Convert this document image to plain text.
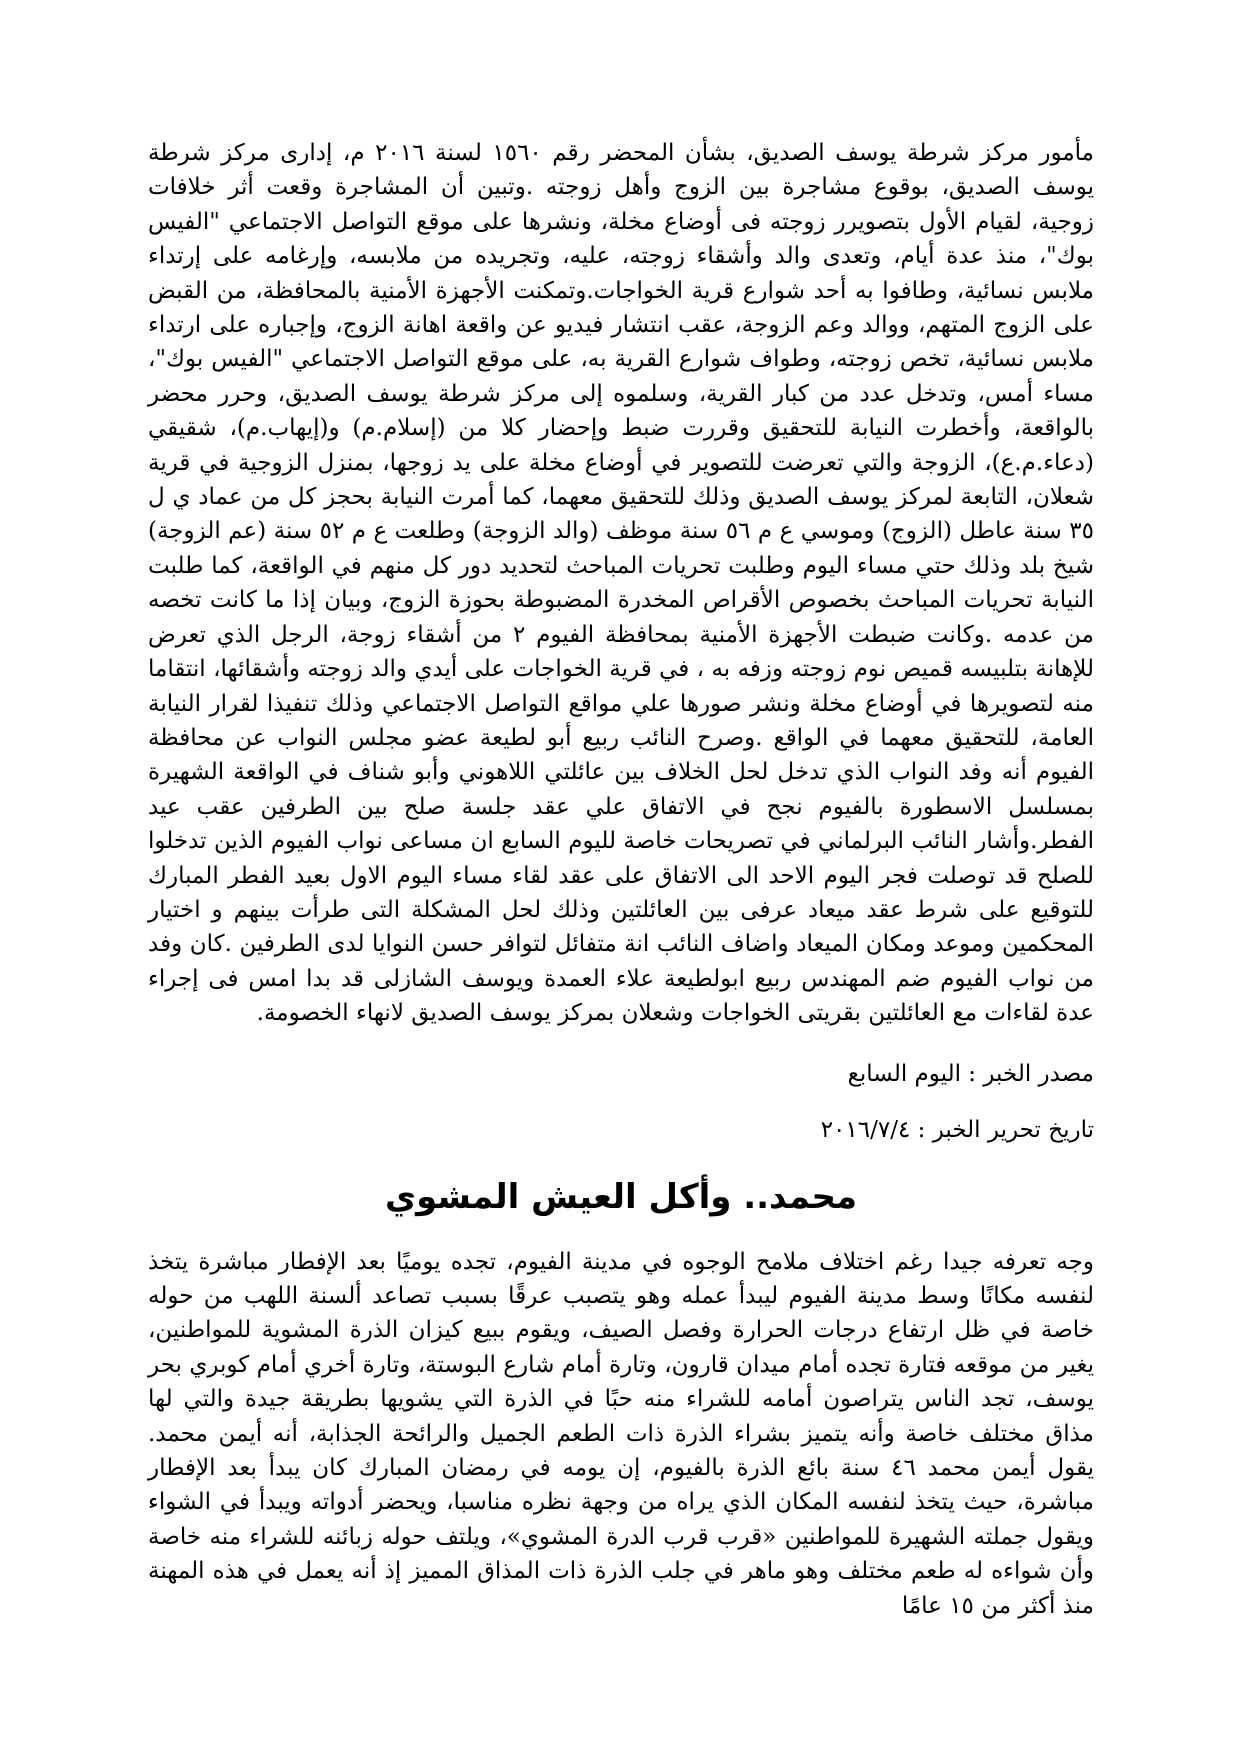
مأمور مركز شرطة يوسف الصديق، بشأن المحضر رقم ١٥٦٠ لسنة ٢٠١٦ م، إدارى مركز شرطة يوسف الصديق، بوقوع مشاجرة بين الزوج وأهل زوجته .وتبين أن المشاجرة وقعت أثر خلافات زوجية، لقيام الأول بتصويرر زوجته فى أوضاع مخلة، ونشرها على موقع التواصل الاجتماعي "الفيس بوك"، منذ عدة أيام، وتعدى والد وأشقاء زوجته، عليه، وتجريده من ملابسه، وإرغامه على إرتداء ملابس نسائية، وطافوا به أحد شوارع قرية الخواجات.وتمكنت الأجهزة الأمنية بالمحافظة، من القبض على الزوج المتهم، ووالد وعم الزوجة، عقب انتشار فيديو عن واقعة اهانة الزوج، وإجباره على ارتداء ملابس نسائية، تخص زوجته، وطواف شوارع القرية به، على موقع التواصل الاجتماعي "الفيس بوك"، مساء أمس، وتدخل عدد من كبار القرية، وسلموه إلى مركز شرطة يوسف الصديق، وحرر محضر بالواقعة، وأخطرت النيابة للتحقيق وقررت ضبط وإحضار كلا من (إسلام.م) و(إيهاب.م)، شقيقي (دعاء.م.ع)، الزوجة والتي تعرضت للتصوير في أوضاع مخلة على يد زوجها، بمنزل الزوجية في قرية شعلان، التابعة لمركز يوسف الصديق وذلك للتحقيق معهما، كما أمرت النيابة بحجز كل من عماد ي ل ٣٥ سنة عاطل (الزوج) وموسي ع م ٥٦ سنة موظف (والد الزوجة) وطلعت ع م ٥٢ سنة (عم الزوجة) شيخ بلد وذلك حتي مساء اليوم وطلبت تحريات المباحث لتحديد دور كل منهم في الواقعة، كما طلبت النيابة تحريات المباحث بخصوص الأقراص المخدرة المضبوطة بحوزة الزوج، وبيان إذا ما كانت تخصه من عدمه .وكانت ضبطت الأجهزة الأمنية بمحافظة الفيوم ٢ من أشقاء زوجة، الرجل الذي تعرض للإهانة بتلبيسه قميص نوم زوجته وزفه به ، في قرية الخواجات على أيدي والد زوجته وأشقائها، انتقاما منه لتصويرها في أوضاع مخلة ونشر صورها علي مواقع التواصل الاجتماعي وذلك تنفيذا لقرار النيابة العامة، للتحقيق معهما في الواقع .وصرح النائب ربيع أبو لطيعة عضو مجلس النواب عن محافظة الفيوم أنه وفد النواب الذي تدخل لحل الخلاف بين عائلتي اللاهوني وأبو شناف في الواقعة الشهيرة بمسلسل الاسطورة بالفيوم نجح في الاتفاق علي عقد جلسة صلح بين الطرفين عقب عيد الفطر.وأشار النائب البرلماني في تصريحات خاصة لليوم السابع ان مساعى نواب الفيوم الذين تدخلوا للصلح قد توصلت فجر اليوم الاحد الى الاتفاق على عقد لقاء مساء اليوم الاول بعيد الفطر المبارك للتوقيع على شرط عقد ميعاد عرفى بين العائلتين وذلك لحل المشكلة التى طرأت بينهم و اختيار المحكمين وموعد ومكان الميعاد واضاف النائب انة متفائل لتوافر حسن النوايا لدى الطرفين .كان وفد من نواب الفيوم ضم المهندس ربيع ابولطيعة علاء العمدة ويوسف الشازلى قد بدا امس فى إجراء عدة لقاءات مع العائلتين بقريتى الخواجات وشعلان بمركز يوسف الصديق لانهاء الخصومة.

مصدر الخبر : اليوم السابع

تاريخ تحرير الخبر : ٢٠١٦/٧/٤

محمد.. وأكل العيش المشوي

وجه تعرفه جيدا رغم اختلاف ملامح الوجوه في مدينة الفيوم، تجده يوميًا بعد الإفطار مباشرة يتخذ لنفسه مكانًا وسط مدينة الفيوم ليبدأ عمله وهو يتصبب عرقًا بسبب تصاعد ألسنة اللهب من حوله خاصة في ظل ارتفاع درجات الحرارة وفصل الصيف، ويقوم ببيع كيزان الذرة المشوية للمواطنين، يغير من موقعه فتارة تجده أمام ميدان قارون، وتارة أمام شارع البوستة، وتارة أخري أمام كوبري بحر يوسف، تجد الناس يتراصون أمامه للشراء منه حبًا في الذرة التي يشويها بطريقة جيدة والتي لها مذاق مختلف خاصة وأنه يتميز بشراء الذرة ذات الطعم الجميل والرائحة الجذابة، أنه أيمن محمد. يقول أيمن محمد ٤٦ سنة بائع الذرة بالفيوم، إن يومه في رمضان المبارك كان يبدأ بعد الإفطار مباشرة، حيث يتخذ لنفسه المكان الذي يراه من وجهة نظره مناسبا، ويحضر أدواته ويبدأ في الشواء ويقول جملته الشهيرة للمواطنين «قرب قرب الدرة المشوي»، ويلتف حوله زبائنه للشراء منه خاصة وأن شواءه له طعم مختلف وهو ماهر في جلب الذرة ذات المذاق المميز إذ أنه يعمل في هذه المهنة منذ أكثر من ١٥ عامًا
